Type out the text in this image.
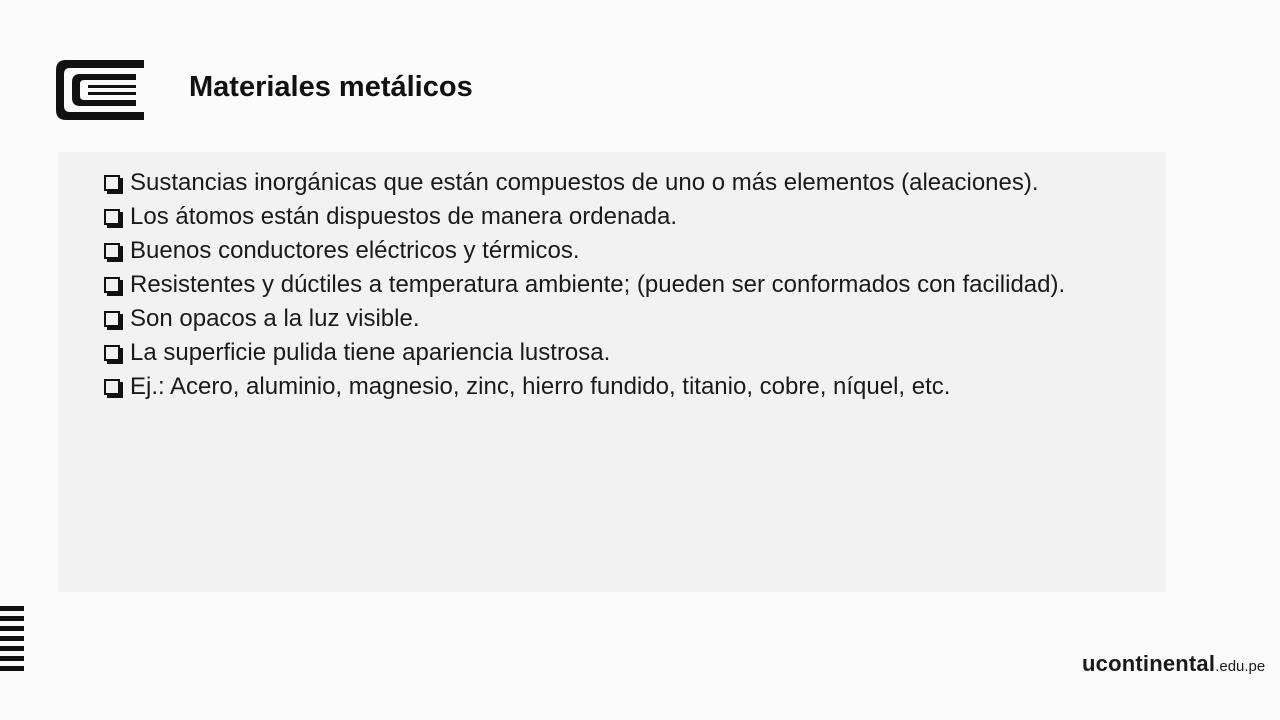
Materiales metálicos
Sustancias inorgánicas que están compuestos de uno o más elementos (aleaciones).
Los átomos están dispuestos de manera ordenada.
Buenos conductores eléctricos y térmicos.
Resistentes y dúctiles a temperatura ambiente; (pueden ser conformados con facilidad).
Son opacos a la luz visible.
La superficie pulida tiene apariencia lustrosa.
Ej.: Acero, aluminio, magnesio, zinc, hierro fundido, titanio, cobre, níquel, etc.
ucontinental.edu.pe
